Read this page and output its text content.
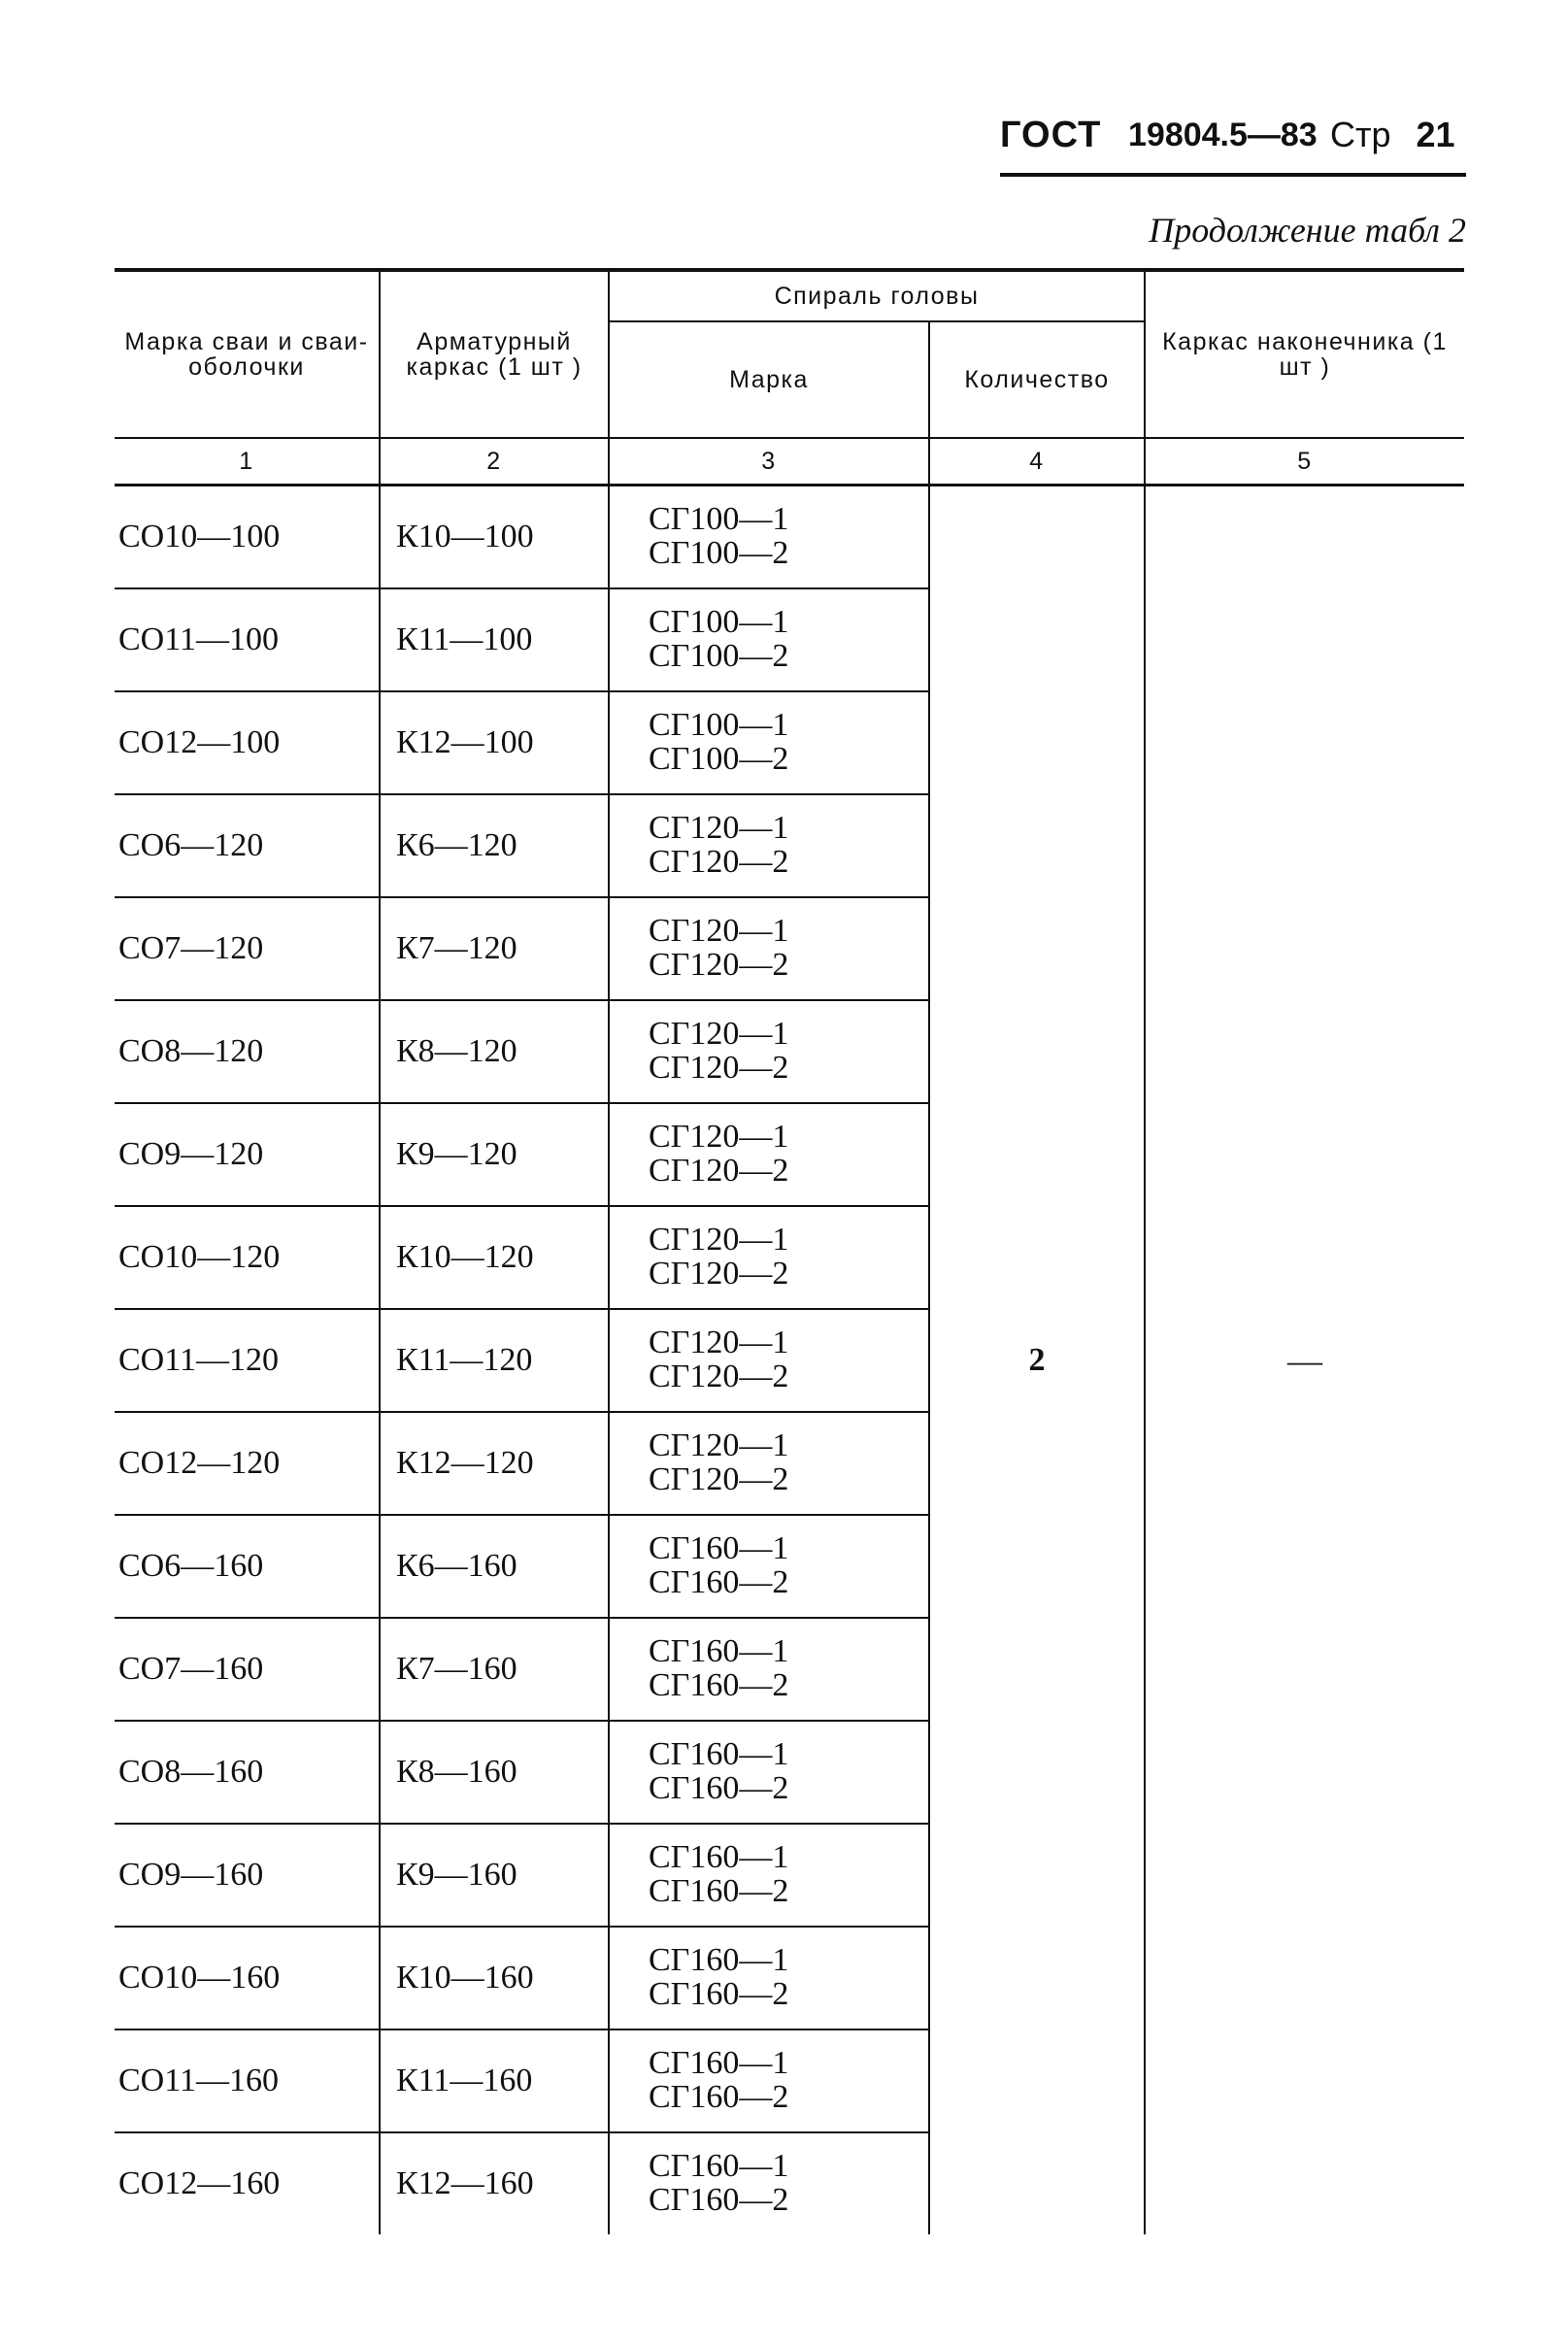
ГОСТ 19804.5—83 Стр 21
Продолжение табл 2
Марка сваи и сваи-оболочки	Арматурный каркас (1 шт )	Спираль головы		Каркас наконечника (1 шт )
		Марка	Количество	
1	2	3	4	5
СО10—100	К10—100	СГ100—1
СГ100—2	2	—
СО11—100	К11—100	СГ100—1
СГ100—2		

СО12—100	К12—100	СГ100—1
СГ100—2		

СО6—120	К6—120	СГ120—1
СГ120—2		

СО7—120	К7—120	СГ120—1
СГ120—2		

СО8—120	К8—120	СГ120—1
СГ120—2		

СО9—120	К9—120	СГ120—1
СГ120—2		

СО10—120	К10—120	СГ120—1
СГ120—2		

СО11—120	К11—120	СГ120—1
СГ120—2		

СО12—120	К12—120	СГ120—1
СГ120—2		

СО6—160	К6—160	СГ160—1
СГ160—2		

СО7—160	К7—160	СГ160—1
СГ160—2		

СО8—160	К8—160	СГ160—1
СГ160—2		

СО9—160	К9—160	СГ160—1
СГ160—2		

СО10—160	К10—160	СГ160—1
СГ160—2		

СО11—160	К11—160	СГ160—1
СГ160—2		

СО12—160	К12—160	СГ160—1
СГ160—2		
